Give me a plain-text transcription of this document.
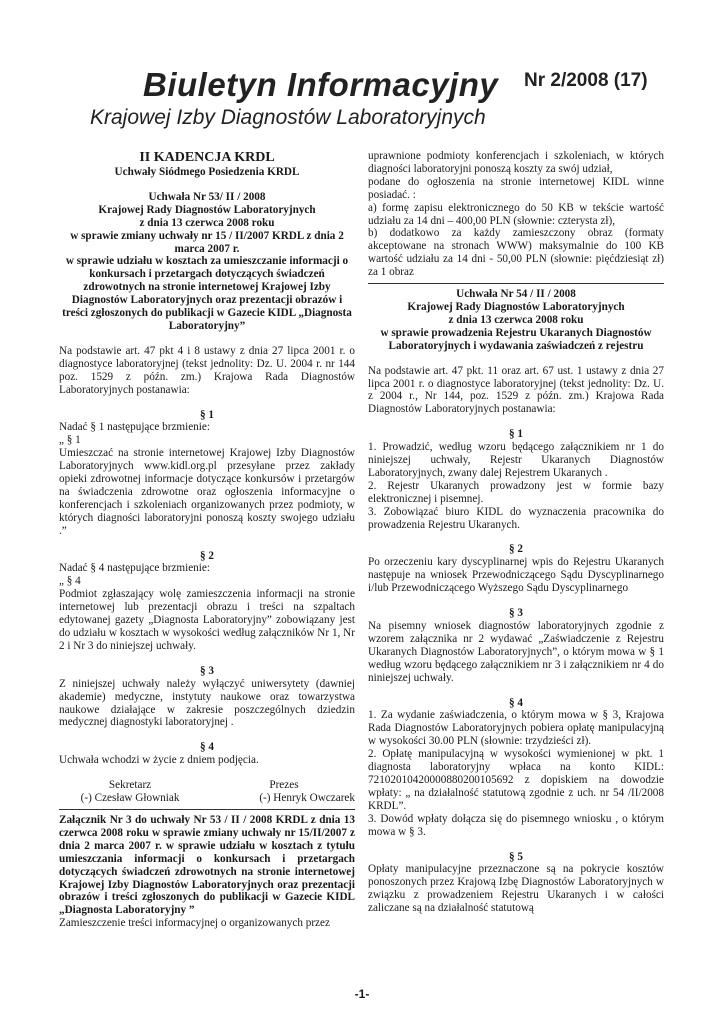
Biuletyn Informacyjny Nr 2/2008 (17)
Krajowej Izby Diagnostów Laboratoryjnych

II KADENCJA KRDL

Uchwały Siódmego Posiedzenia KRDL

Uchwała Nr 53/ II / 2008

Krajowej Rady Diagnostów Laboratoryjnych

z dnia 13 czerwca 2008 roku

w sprawie zmiany uchwały nr 15 / II/2007 KRDL z dnia 2 marca 2007 r.

w sprawie udziału w kosztach za umieszczanie informacji o konkursach i przetargach dotyczących świadczeń zdrowotnych na stronie internetowej Krajowej Izby Diagnostów Laboratoryjnych oraz prezentacji obrazów i treści zgłoszonych do publikacji w Gazecie KIDL „Diagnosta Laboratoryjny”

Na podstawie art. 47 pkt 4 i 8 ustawy z dnia 27 lipca 2001 r. o diagnostyce laboratoryjnej (tekst jednolity: Dz. U. 2004 r. nr 144 poz. 1529 z późn. zm.) Krajowa Rada Diagnostów Laboratoryjnych postanawia:

§ 1

Nadać § 1 następujące brzmienie:

„ § 1

Umieszczać na stronie internetowej Krajowej Izby Diagnostów Laboratoryjnych www.kidl.org.pl przesyłane przez zakłady opieki zdrowotnej informacje dotyczące konkursów i przetargów na świadczenia zdrowotne oraz ogłoszenia informacyjne o konferencjach i szkoleniach organizowanych przez podmioty, w których diagności laboratoryjni ponoszą koszty swojego udziału .”

§ 2

Nadać § 4 następujące brzmienie:

„ § 4

Podmiot zgłaszający wolę zamieszczenia informacji na stronie internetowej lub prezentacji obrazu i treści na szpaltach edytowanej gazety „Diagnosta Laboratoryjny” zobowiązany jest do udziału w kosztach w wysokości według załączników Nr 1, Nr 2 i Nr 3 do niniejszej uchwały.

§ 3

Z niniejszej uchwały należy wyłączyć uniwersytety (dawniej akademie) medyczne, instytuty naukowe oraz towarzystwa naukowe działające w zakresie poszczególnych dziedzin medycznej diagnostyki laboratoryjnej .

§ 4

Uchwała wchodzi w życie z dniem podjęcia.

Sekretarz

(-) Czesław Głowniak

Prezes

(-) Henryk Owczarek

Załącznik Nr 3 do uchwały Nr 53 / II / 2008 KRDL z dnia 13 czerwca 2008 roku w sprawie zmiany uchwały nr 15/II/2007 z dnia 2 marca 2007 r. w sprawie udziału w kosztach z tytułu umieszczania informacji o konkursach i przetargach dotyczących świadczeń zdrowotnych na stronie internetowej Krajowej Izby Diagnostów Laboratoryjnych oraz prezentacji obrazów i treści zgłoszonych do publikacji w Gazecie KIDL „Diagnosta Laboratoryjny ”

Zamieszczenie treści informacyjnej o organizowanych przez

uprawnione podmioty konferencjach i szkoleniach, w których diagności laboratoryjni ponoszą koszty za swój udział,

podane do ogłoszenia na stronie internetowej KIDL winne posiadać. :

a) formę zapisu elektronicznego do 50 KB w tekście wartość udziału za 14 dni – 400,00 PLN (słownie: czterysta zł),

b) dodatkowo za każdy zamieszczony obraz (formaty akceptowane na stronach WWW) maksymalnie do 100 KB wartość udziału za 14 dni - 50,00 PLN (słownie: pięćdziesiąt zł) za 1 obraz

Uchwała Nr 54 / II / 2008

Krajowej Rady Diagnostów Laboratoryjnych

z dnia 13 czerwca 2008 roku

w sprawie prowadzenia Rejestru Ukaranych Diagnostów Laboratoryjnych i wydawania zaświadczeń z rejestru

Na podstawie art. 47 pkt. 11 oraz art. 67 ust. 1 ustawy z dnia 27 lipca 2001 r. o diagnostyce laboratoryjnej (tekst jednolity: Dz. U. z 2004 r., Nr 144, poz. 1529 z późn. zm.) Krajowa Rada Diagnostów Laboratoryjnych postanawia:

§ 1

1. Prowadzić, według wzoru będącego załącznikiem nr 1 do niniejszej uchwały, Rejestr Ukaranych Diagnostów Laboratoryjnych, zwany dalej Rejestrem Ukaranych .

2. Rejestr Ukaranych prowadzony jest w formie bazy elektronicznej i pisemnej.

3. Zobowiązać biuro KIDL do wyznaczenia pracownika do prowadzenia Rejestru Ukaranych.

§ 2

Po orzeczeniu kary dyscyplinarnej wpis do Rejestru Ukaranych następuje na wniosek Przewodniczącego Sądu Dyscyplinarnego i/lub Przewodniczącego Wyższego Sądu Dyscyplinarnego

§ 3

Na pisemny wniosek diagnostów laboratoryjnych zgodnie z wzorem załącznika nr 2 wydawać „Zaświadczenie z Rejestru Ukaranych Diagnostów Laboratoryjnych”, o którym mowa w § 1 według wzoru będącego załącznikiem nr 3 i załącznikiem nr 4 do niniejszej uchwały.

§ 4

1. Za wydanie zaświadczenia, o którym mowa w § 3, Krajowa Rada Diagnostów Laboratoryjnych pobiera opłatę manipulacyjną w wysokości 30.00 PLN (słownie: trzydzieści zł).

2. Opłatę manipulacyjną w wysokości wymienionej w pkt. 1 diagnosta laboratoryjny wpłaca na konto KIDL: 72102010420000880200105692 z dopiskiem na dowodzie wpłaty: „ na działalność statutową zgodnie z uch. nr 54 /II/2008 KRDL”.

3. Dowód wpłaty dołącza się do pisemnego wniosku , o którym mowa w § 3.

§ 5

Opłaty manipulacyjne przeznaczone są na pokrycie kosztów ponoszonych przez Krajową Izbę Diagnostów Laboratoryjnych w związku z prowadzeniem Rejestru Ukaranych i w całości zaliczane są na działalność statutową

-1-
